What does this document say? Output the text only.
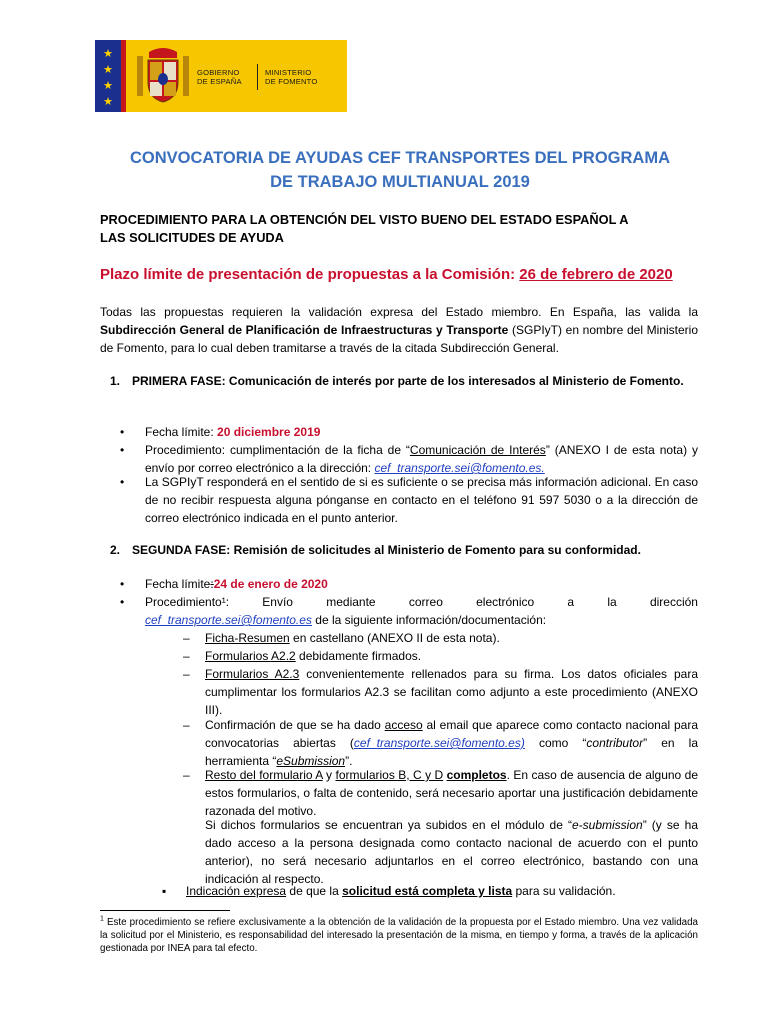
★
★
★
★
GOBIERNO
DE ESPAÑA
MINISTERIO
DE FOMENTO
CONVOCATORIA DE AYUDAS CEF TRANSPORTES DEL PROGRAMA
DE TRABAJO MULTIANUAL 2019
PROCEDIMIENTO PARA LA OBTENCIÓN DEL VISTO BUENO DEL ESTADO ESPAÑOL A
LAS SOLICITUDES DE AYUDA
Plazo límite de presentación de propuestas a la Comisión: 26 de febrero de 2020
Todas las propuestas requieren la validación expresa del Estado miembro. En España, las valida la Subdirección General de Planificación de Infraestructuras y Transporte (SGPIyT) en nombre del Ministerio de Fomento, para lo cual deben tramitarse a través de la citada Subdirección General.
1. PRIMERA FASE: Comunicación de interés por parte de los interesados al Ministerio de Fomento.
• Fecha límite: 20 diciembre 2019
• Procedimiento: cumplimentación de la ficha de “Comunicación de Interés” (ANEXO I de esta nota) y envío por correo electrónico a la dirección: cef_transporte.sei@fomento.es.
• La SGPIyT responderá en el sentido de si es suficiente o se precisa más información adicional. En caso de no recibir respuesta alguna pónganse en contacto en el teléfono 91 597 5030 o a la dirección de correo electrónico indicada en el punto anterior.
2. SEGUNDA FASE: Remisión de solicitudes al Ministerio de Fomento para su conformidad.
• Fecha límite:24 de enero de 2020
• Procedimiento¹:	Envío	mediante	correo	electrónico	a	la	dirección
cef_transporte.sei@fomento.es de la siguiente información/documentación:
– Ficha-Resumen en castellano (ANEXO II de esta nota).
– Formularios A2.2 debidamente firmados.
– Formularios A2.3 convenientemente rellenados para su firma. Los datos oficiales para cumplimentar los formularios A2.3 se facilitan como adjunto a este procedimiento (ANEXO III).
– Confirmación de que se ha dado acceso al email que aparece como contacto nacional para convocatorias abiertas (cef_transporte.sei@fomento.es) como “contributor” en la herramienta “eSubmission”.
– Resto del formulario A y formularios B, C y D completos. En caso de ausencia de alguno de estos formularios, o falta de contenido, será necesario aportar una justificación debidamente razonada del motivo.
Si dichos formularios se encuentran ya subidos en el módulo de “e-submission” (y se ha dado acceso a la persona designada como contacto nacional de acuerdo con el punto anterior), no será necesario adjuntarlos en el correo electrónico, bastando con una indicación al respecto.
▪ Indicación expresa de que la solicitud está completa y lista para su validación.
$^1$ Este procedimiento se refiere exclusivamente a la obtención de la validación de la propuesta por el Estado miembro. Una vez validada la solicitud por el Ministerio, es responsabilidad del interesado la presentación de la misma, en tiempo y forma, a través de la aplicación gestionada por INEA para tal efecto.
